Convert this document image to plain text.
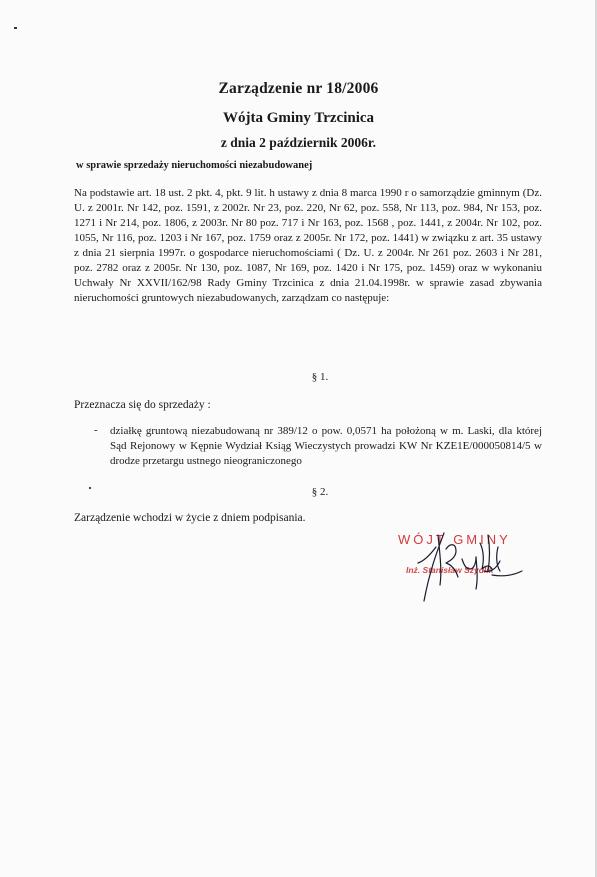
Zarządzenie nr 18/2006
Wójta Gminy Trzcinica
z dnia 2 październik 2006r.
w sprawie sprzedaży nieruchomości niezabudowanej
Na podstawie art. 18 ust. 2 pkt. 4, pkt. 9 lit. h ustawy z dnia 8 marca 1990 r o samorządzie gminnym (Dz. U. z 2001r. Nr 142, poz. 1591, z 2002r. Nr 23, poz. 220, Nr 62, poz. 558, Nr 113, poz. 984, Nr 153, poz. 1271 i Nr 214, poz. 1806, z 2003r. Nr 80 poz. 717 i Nr 163, poz. 1568 , poz. 1441, z 2004r. Nr 102, poz. 1055, Nr 116, poz. 1203 i Nr 167, poz. 1759 oraz z 2005r. Nr 172, poz. 1441) w związku z art. 35 ustawy z dnia 21 sierpnia 1997r. o gospodarce nieruchomościami ( Dz. U. z 2004r. Nr 261 poz. 2603 i Nr 281, poz. 2782 oraz z 2005r. Nr 130, poz. 1087, Nr 169, poz. 1420 i Nr 175, poz. 1459) oraz w wykonaniu Uchwały Nr XXVII/162/98 Rady Gminy Trzcinica z dnia 21.04.1998r. w sprawie zasad zbywania nieruchomości gruntowych niezabudowanych, zarządzam co następuje:
§ 1.
Przeznacza się do sprzedaży :
- działkę gruntową niezabudowaną nr 389/12 o pow. 0,0571 ha położoną w m. Laski, dla której Sąd Rejonowy w Kępnie Wydział Ksiąg Wieczystych prowadzi KW Nr KZE1E/000050814/5 w drodze przetargu ustnego nieograniczonego
§ 2.
Zarządzenie wchodzi w życie z dniem podpisania.
WÓJT GMINY
Inż. Stanisław Szydlik
